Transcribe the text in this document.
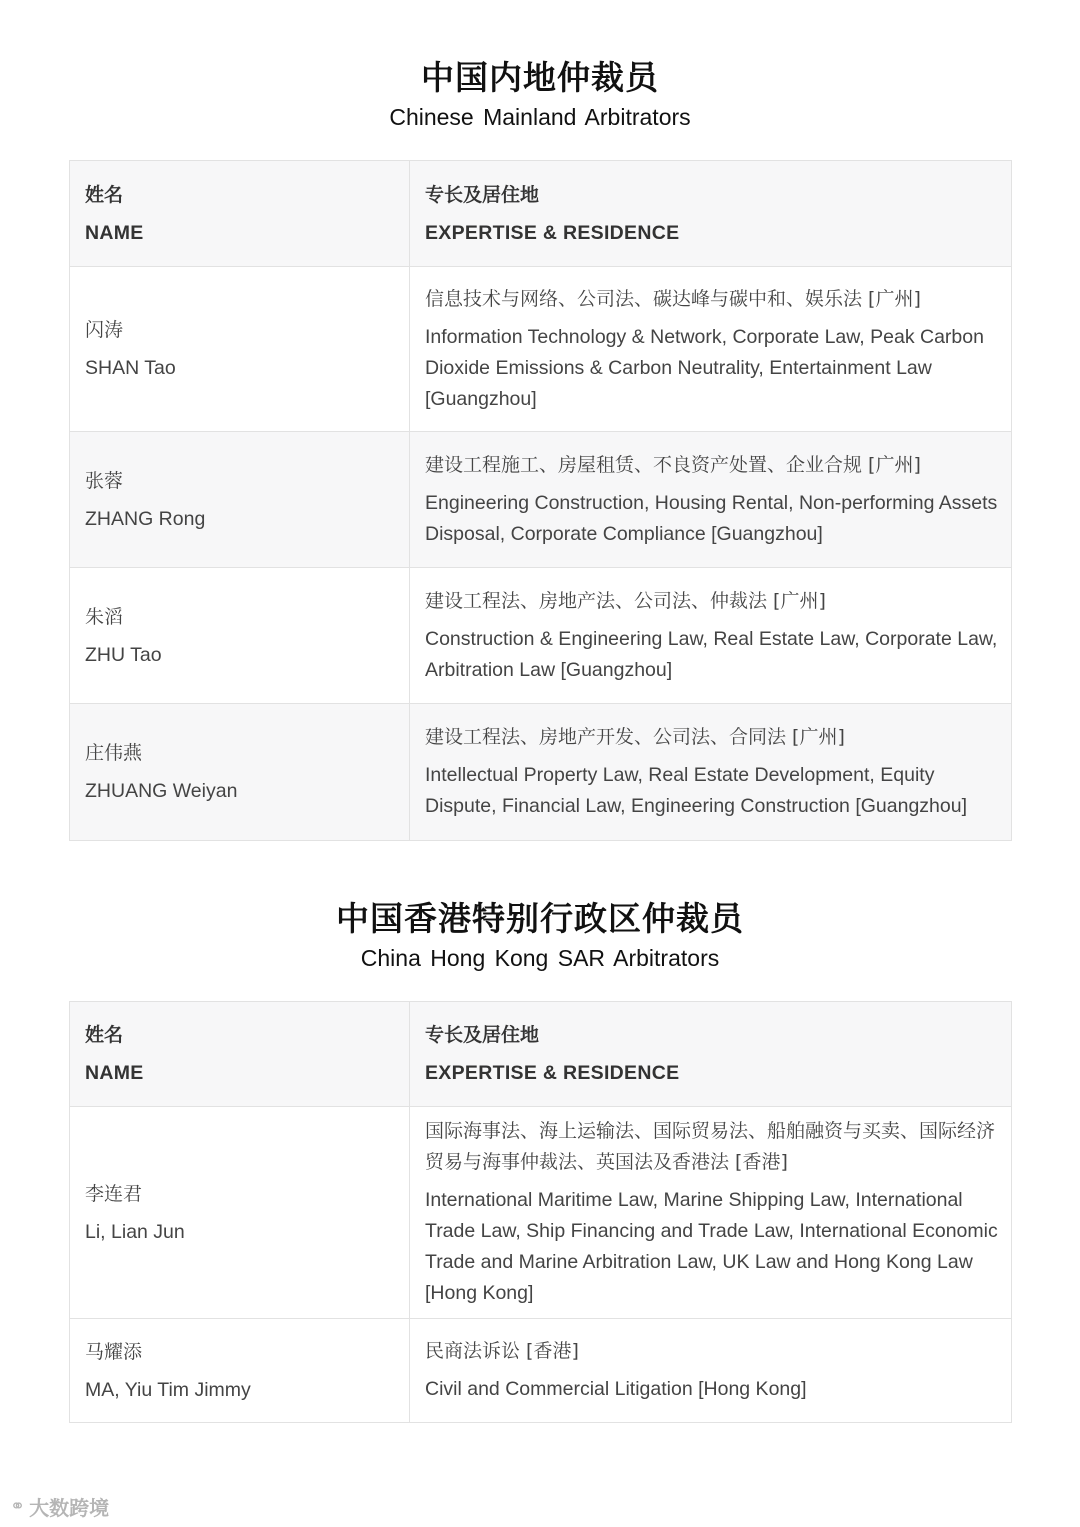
中国内地仲裁员
Chinese Mainland Arbitrators
姓名
NAME
专长及居住地
EXPERTISE & RESIDENCE
闪涛
SHAN Tao
信息技术与网络、公司法、碳达峰与碳中和、娱乐法 [广州]
Information Technology & Network, Corporate Law, Peak Carbon Dioxide Emissions & Carbon Neutrality, Entertainment Law [Guangzhou]
张蓉
ZHANG Rong
建设工程施工、房屋租赁、不良资产处置、企业合规 [广州]
Engineering Construction, Housing Rental, Non-performing Assets Disposal, Corporate Compliance [Guangzhou]
朱滔
ZHU Tao
建设工程法、房地产法、公司法、仲裁法 [广州]
Construction & Engineering Law, Real Estate Law, Corporate Law, Arbitration Law [Guangzhou]
庄伟燕
ZHUANG Weiyan
建设工程法、房地产开发、公司法、合同法 [广州]
Intellectual Property Law, Real Estate Development, Equity Dispute, Financial Law, Engineering Construction [Guangzhou]
中国香港特别行政区仲裁员
China Hong Kong SAR Arbitrators
姓名
NAME
专长及居住地
EXPERTISE & RESIDENCE
李连君
Li, Lian Jun
国际海事法、海上运输法、国际贸易法、船舶融资与买卖、国际经济贸易与海事仲裁法、英国法及香港法 [香港]
International Maritime Law, Marine Shipping Law, International Trade Law, Ship Financing and Trade Law, International Economic Trade and Marine Arbitration Law, UK Law and Hong Kong Law [Hong Kong]
马耀添
MA, Yiu Tim Jimmy
民商法诉讼 [香港]
Civil and Commercial Litigation [Hong Kong]
⚭ 大数跨境
